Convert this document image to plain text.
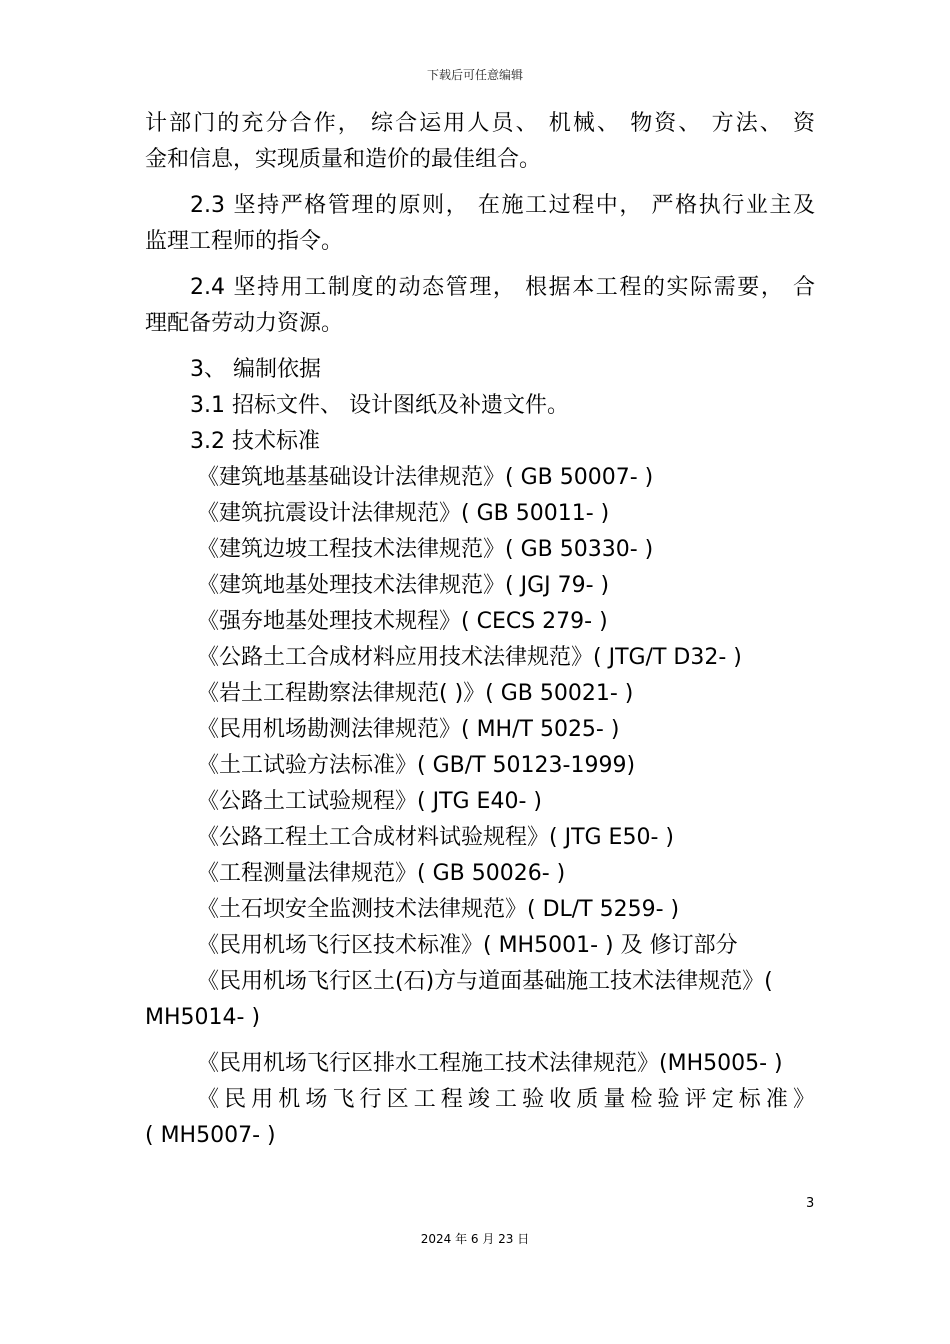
下载后可任意编辑

计部门的充分合作， 综合运用人员、 机械、 物资、 方法、 资

金和信息，实现质量和造价的最佳组合。

2.3 坚持严格管理的原则， 在施工过程中， 严格执行业主及

监理工程师的指令。

2.4 坚持用工制度的动态管理， 根据本工程的实际需要， 合

理配备劳动力资源。

3、 编制依据

3.1 招标文件、 设计图纸及补遗文件。

3.2 技术标准

《建筑地基基础设计法律规范》( GB 50007- )

《建筑抗震设计法律规范》( GB 50011- )

《建筑边坡工程技术法律规范》( GB 50330- )

《建筑地基处理技术法律规范》( JGJ 79- )

《强夯地基处理技术规程》( CECS 279- )

《公路土工合成材料应用技术法律规范》( JTG/T D32- )

《岩土工程勘察法律规范( )》( GB 50021- )

《民用机场勘测法律规范》( MH/T 5025- )

《土工试验方法标准》( GB/T 50123-1999)

《公路土工试验规程》( JTG E40- )

《公路工程土工合成材料试验规程》( JTG E50- )

《工程测量法律规范》( GB 50026- )

《土石坝安全监测技术法律规范》( DL/T 5259- )

《民用机场飞行区技术标准》( MH5001- ) 及 修订部分

《民用机场飞行区土(石)方与道面基础施工技术法律规范》(

MH5014- )

《民用机场飞行区排水工程施工技术法律规范》(MH5005- )

《民用机场飞行区工程竣工验收质量检验评定标准》

( MH5007- )

3
2024 年 6 月 23 日
